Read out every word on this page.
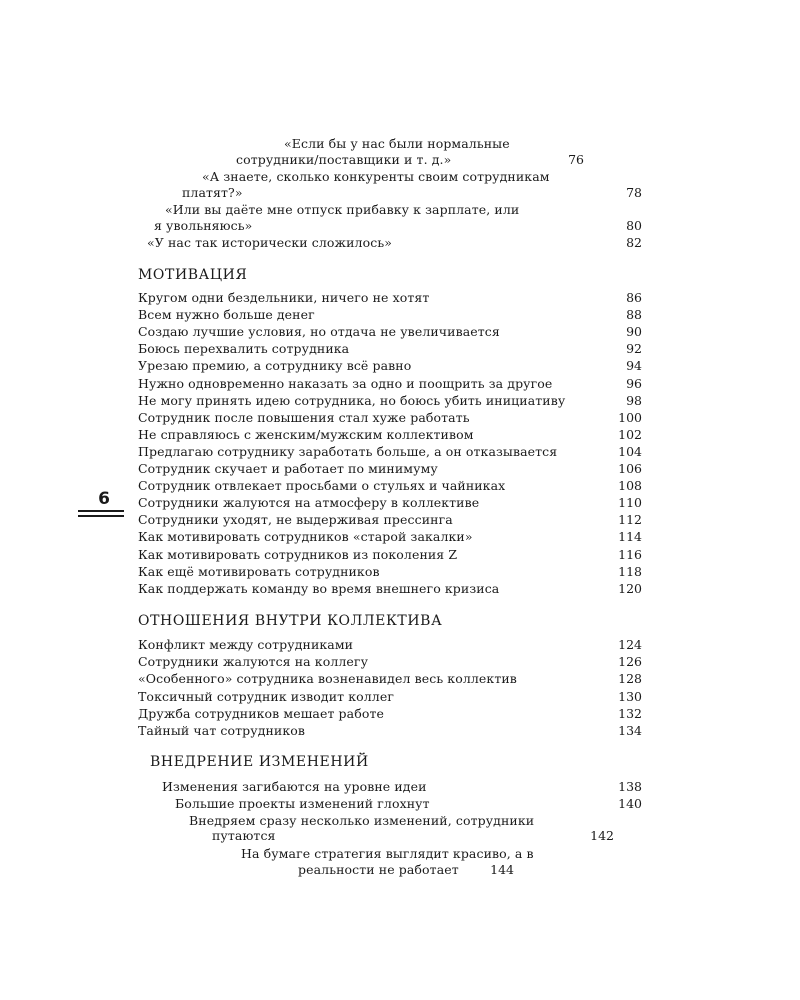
«Если бы у нас были нормальные
сотрудники/поставщики и т. д.»	76
«А знаете, сколько конкуренты своим сотрудникам
платят?»	78
«Или вы даёте мне отпуск прибавку к зарплате, или
я увольняюсь»	80
«У нас так исторически сложилось»	82
МОТИВАЦИЯ
Кругом одни бездельники, ничего не хотят	86
Всем нужно больше денег	88
Создаю лучшие условия, но отдача не увеличивается	90
Боюсь перехвалить сотрудника	92
Урезаю премию, а сотруднику всё равно	94
Нужно одновременно наказать за одно и поощрить за другое	96
Не могу принять идею сотрудника, но боюсь убить инициативу	98
Сотрудник после повышения стал хуже работать	100
Не справляюсь с женским/мужским коллективом	102
Предлагаю сотруднику заработать больше, а он отказывается	104
Сотрудник скучает и работает по минимуму	106
Сотрудник отвлекает просьбами о стульях и чайниках	108
Сотрудники жалуются на атмосферу в коллективе	110
Сотрудники уходят, не выдерживая прессинга	112
Как мотивировать сотрудников «старой закалки»	114
Как мотивировать сотрудников из поколения Z	116
Как ещё мотивировать сотрудников	118
Как поддержать команду во время внешнего кризиса	120
ОТНОШЕНИЯ ВНУТРИ КОЛЛЕКТИВА
Конфликт между сотрудниками	124
Сотрудники жалуются на коллегу	126
«Особенного» сотрудника возненавидел весь коллектив	128
Токсичный сотрудник изводит коллег	130
Дружба сотрудников мешает работе	132
Тайный чат сотрудников	134
6
ВНЕДРЕНИЕ ИЗМЕНЕНИЙ
Изменения загибаются на уровне идеи	138
Большие проекты изменений глохнут	140
Внедряем сразу несколько изменений, сотрудники
путаются	142
На бумаге стратегия выглядит красиво, а в
реальности не работает	144
